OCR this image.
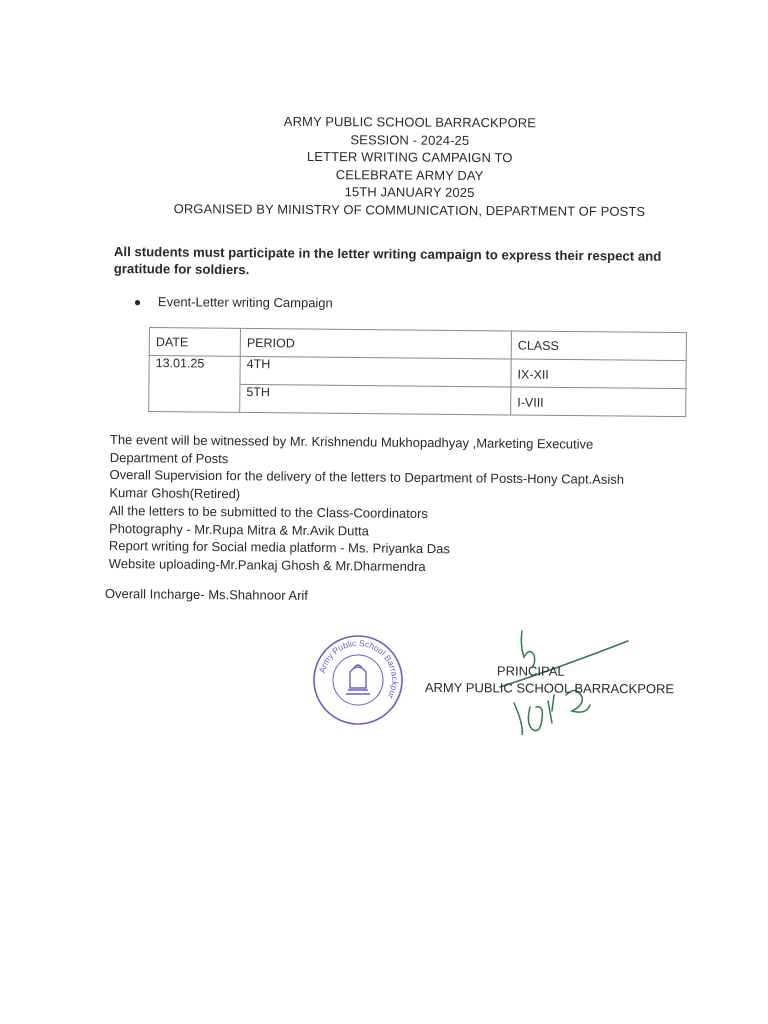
ARMY PUBLIC SCHOOL BARRACKPORE
SESSION - 2024-25
LETTER WRITING CAMPAIGN TO
CELEBRATE ARMY DAY
15TH JANUARY 2025
ORGANISED BY MINISTRY OF COMMUNICATION, DEPARTMENT OF POSTS
All students must participate in the letter writing campaign to express their respect and gratitude for soldiers.
● Event-Letter writing Campaign
DATE	PERIOD	CLASS
13.01.25	4TH	IX-XII
	5TH	I-VIII
The event will be witnessed by Mr. Krishnendu Mukhopadhyay ,Marketing Executive
Department of Posts
Overall Supervision for the delivery of the letters to Department of Posts-Hony Capt.Asish
Kumar Ghosh(Retired)
All the letters to be submitted to the Class-Coordinators
Photography - Mr.Rupa Mitra & Mr.Avik Dutta
Report writing for Social media platform - Ms. Priyanka Das
Website uploading-Mr.Pankaj Ghosh & Mr.Dharmendra
Overall Incharge- Ms.Shahnoor Arif
Army Public School Barrackpur
PRINCIPAL
ARMY PUBLIC SCHOOL BARRACKPORE
